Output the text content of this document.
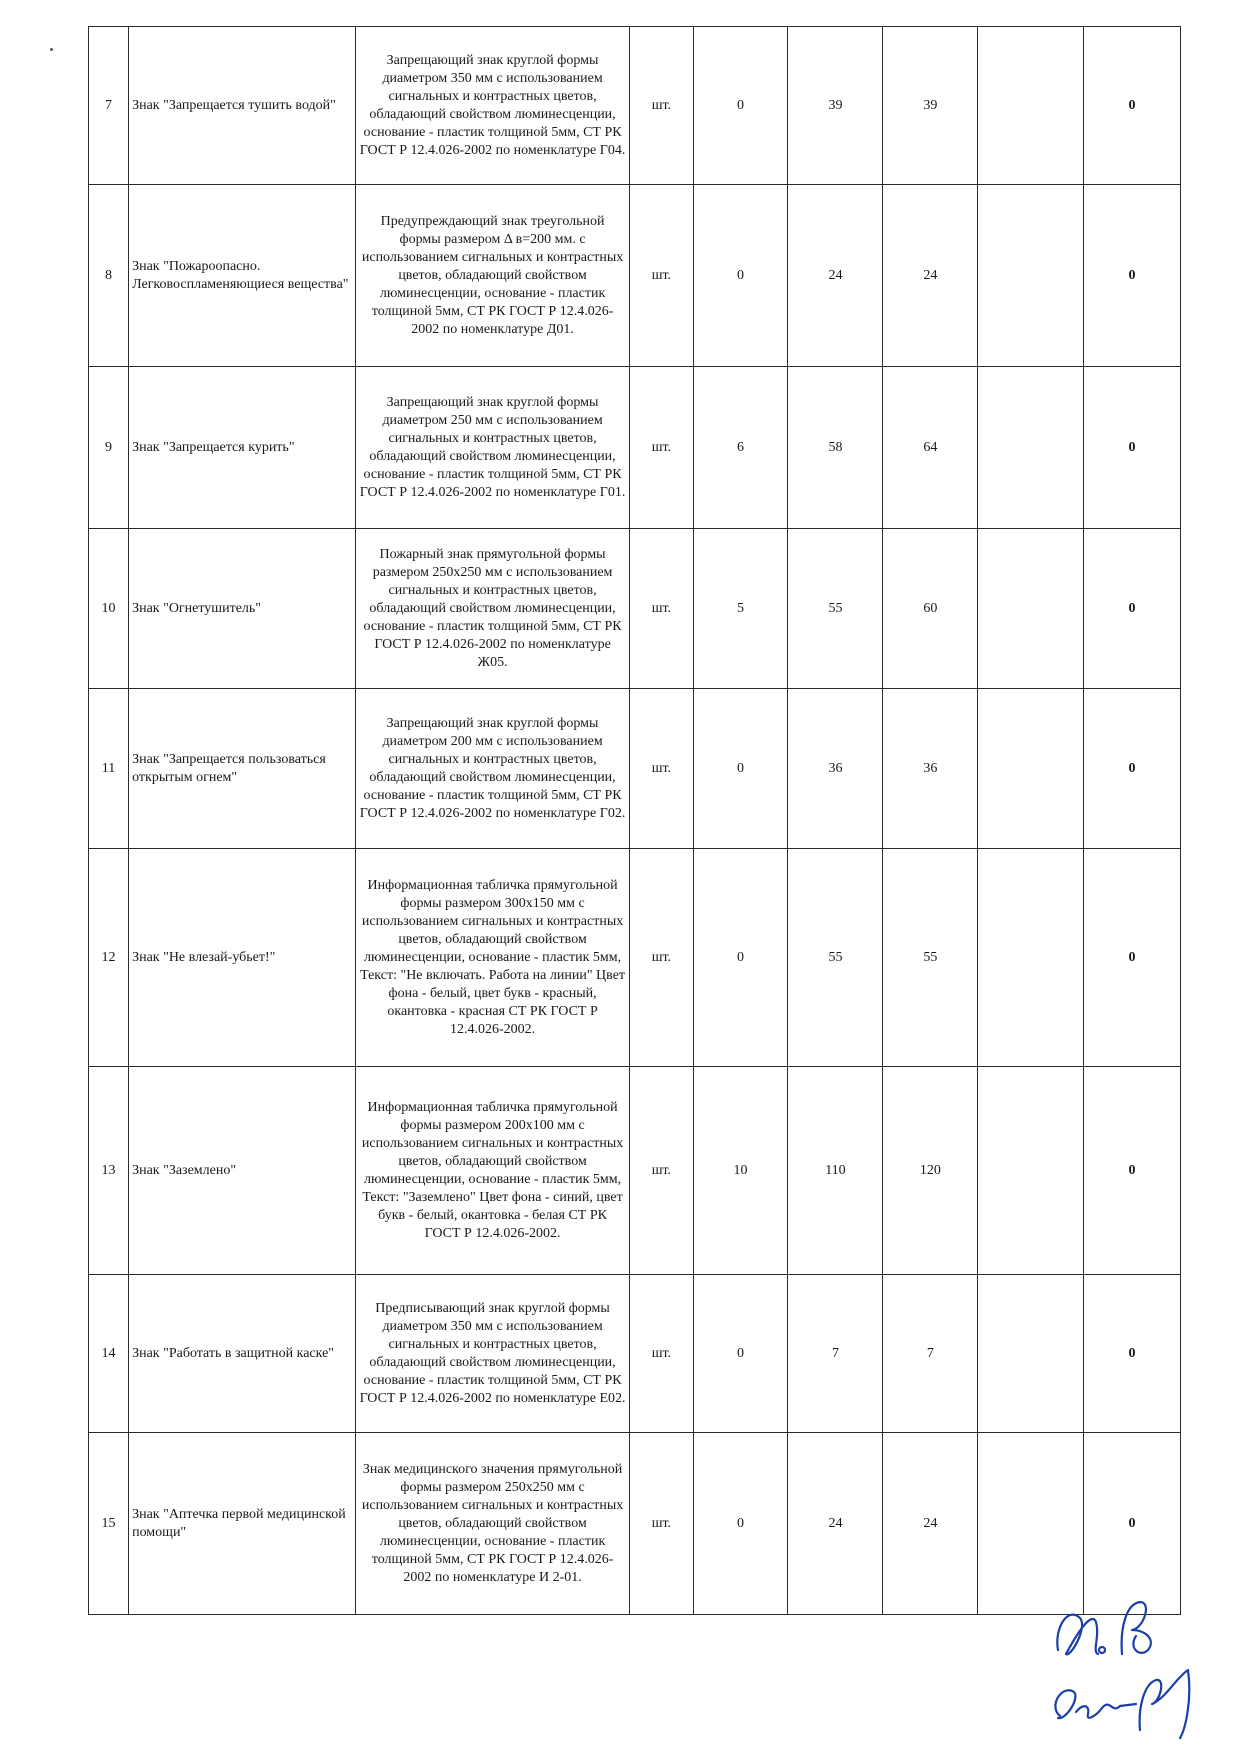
7	Знак "Запрещается тушить водой"	Запрещающий знак круглой формы диаметром 350 мм с использованием сигнальных и контрастных цветов, обладающий свойством люминесценции, основание - пластик толщиной 5мм, СТ РК ГОСТ Р 12.4.026-2002 по номенклатуре Г04.	шт.	0	39	39		0
8	Знак "Пожароопасно. Легковоспламеняющиеся вещества"	Предупреждающий знак треугольной формы размером Δ в=200 мм. с использованием сигнальных и контрастных цветов, обладающий свойством люминесценции, основание - пластик толщиной 5мм, СТ РК ГОСТ Р 12.4.026-2002 по номенклатуре Д01.	шт.	0	24	24		0
9	Знак "Запрещается курить"	Запрещающий знак круглой формы диаметром 250 мм с использованием сигнальных и контрастных цветов, обладающий свойством люминесценции, основание - пластик толщиной 5мм, СТ РК ГОСТ Р 12.4.026-2002 по номенклатуре Г01.	шт.	6	58	64		0
10	Знак "Огнетушитель"	Пожарный знак прямугольной формы размером 250х250 мм с использованием сигнальных и контрастных цветов, обладающий свойством люминесценции, основание - пластик толщиной 5мм, СТ РК ГОСТ Р 12.4.026-2002 по номенклатуре Ж05.	шт.	5	55	60		0
11	Знак "Запрещается пользоваться открытым огнем"	Запрещающий знак круглой формы диаметром 200 мм с использованием сигнальных и контрастных цветов, обладающий свойством люминесценции, основание - пластик толщиной 5мм, СТ РК ГОСТ Р 12.4.026-2002 по номенклатуре Г02.	шт.	0	36	36		0
12	Знак "Не влезай-убьет!"	Информационная табличка прямугольной формы размером 300х150 мм с использованием сигнальных и контрастных цветов, обладающий свойством люминесценции, основание - пластик 5мм, Текст: "Не включать. Работа на линии" Цвет фона - белый, цвет букв - красный, окантовка - красная СТ РК ГОСТ Р 12.4.026-2002.	шт.	0	55	55		0
13	Знак "Заземлено"	Информационная табличка прямугольной формы размером 200х100 мм с использованием сигнальных и контрастных цветов, обладающий свойством люминесценции, основание - пластик 5мм, Текст: "Заземлено" Цвет фона - синий, цвет букв - белый, окантовка - белая СТ РК ГОСТ Р 12.4.026-2002.	шт.	10	110	120		0
14	Знак "Работать в защитной каске"	Предписывающий знак круглой формы диаметром 350 мм с использованием сигнальных и контрастных цветов, обладающий свойством люминесценции, основание - пластик толщиной 5мм, СТ РК ГОСТ Р 12.4.026-2002 по номенклатуре Е02.	шт.	0	7	7		0
15	Знак "Аптечка первой медицинской помощи"	Знак медицинского значения прямугольной формы размером 250х250 мм с использованием сигнальных и контрастных цветов, обладающий свойством люминесценции, основание - пластик толщиной 5мм, СТ РК ГОСТ Р 12.4.026-2002 по номенклатуре И 2-01.	шт.	0	24	24		0
